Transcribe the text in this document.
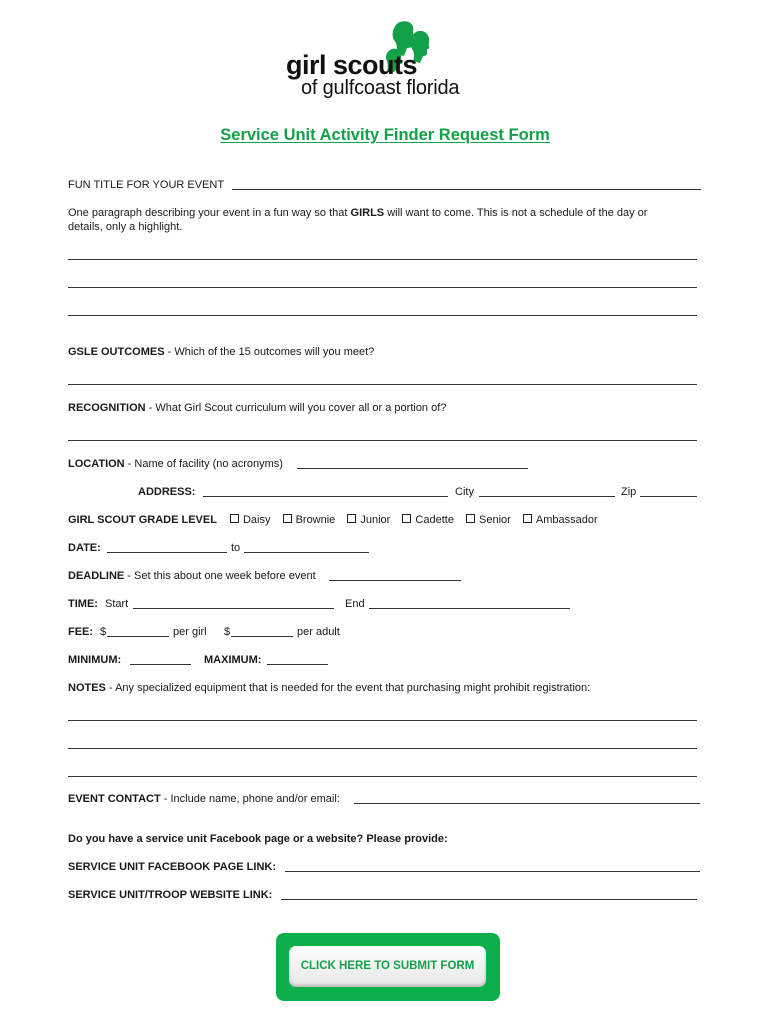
girl scouts
of gulfcoast florida
Service Unit Activity Finder Request Form
FUN TITLE FOR YOUR EVENT
One paragraph describing your event in a fun way so that GIRLS will want to come. This is not a schedule of the day or
details, only a highlight.
GSLE OUTCOMES - Which of the 15 outcomes will you meet?
RECOGNITION - What Girl Scout curriculum will you cover all or a portion of?
LOCATION - Name of facility (no acronyms)
ADDRESS:	City	Zip
GIRL SCOUT GRADE LEVEL Daisy Brownie Junior Cadette Senior Ambassador
DATE:	to
DEADLINE - Set this about one week before event
TIME: Start	End
FEE: $	per girl $	per adult
MINIMUM:	MAXIMUM:
NOTES - Any specialized equipment that is needed for the event that purchasing might prohibit registration:
EVENT CONTACT - Include name, phone and/or email:
Do you have a service unit Facebook page or a website? Please provide:
SERVICE UNIT FACEBOOK PAGE LINK:
SERVICE UNIT/TROOP WEBSITE LINK:
CLICK HERE TO SUBMIT FORM
